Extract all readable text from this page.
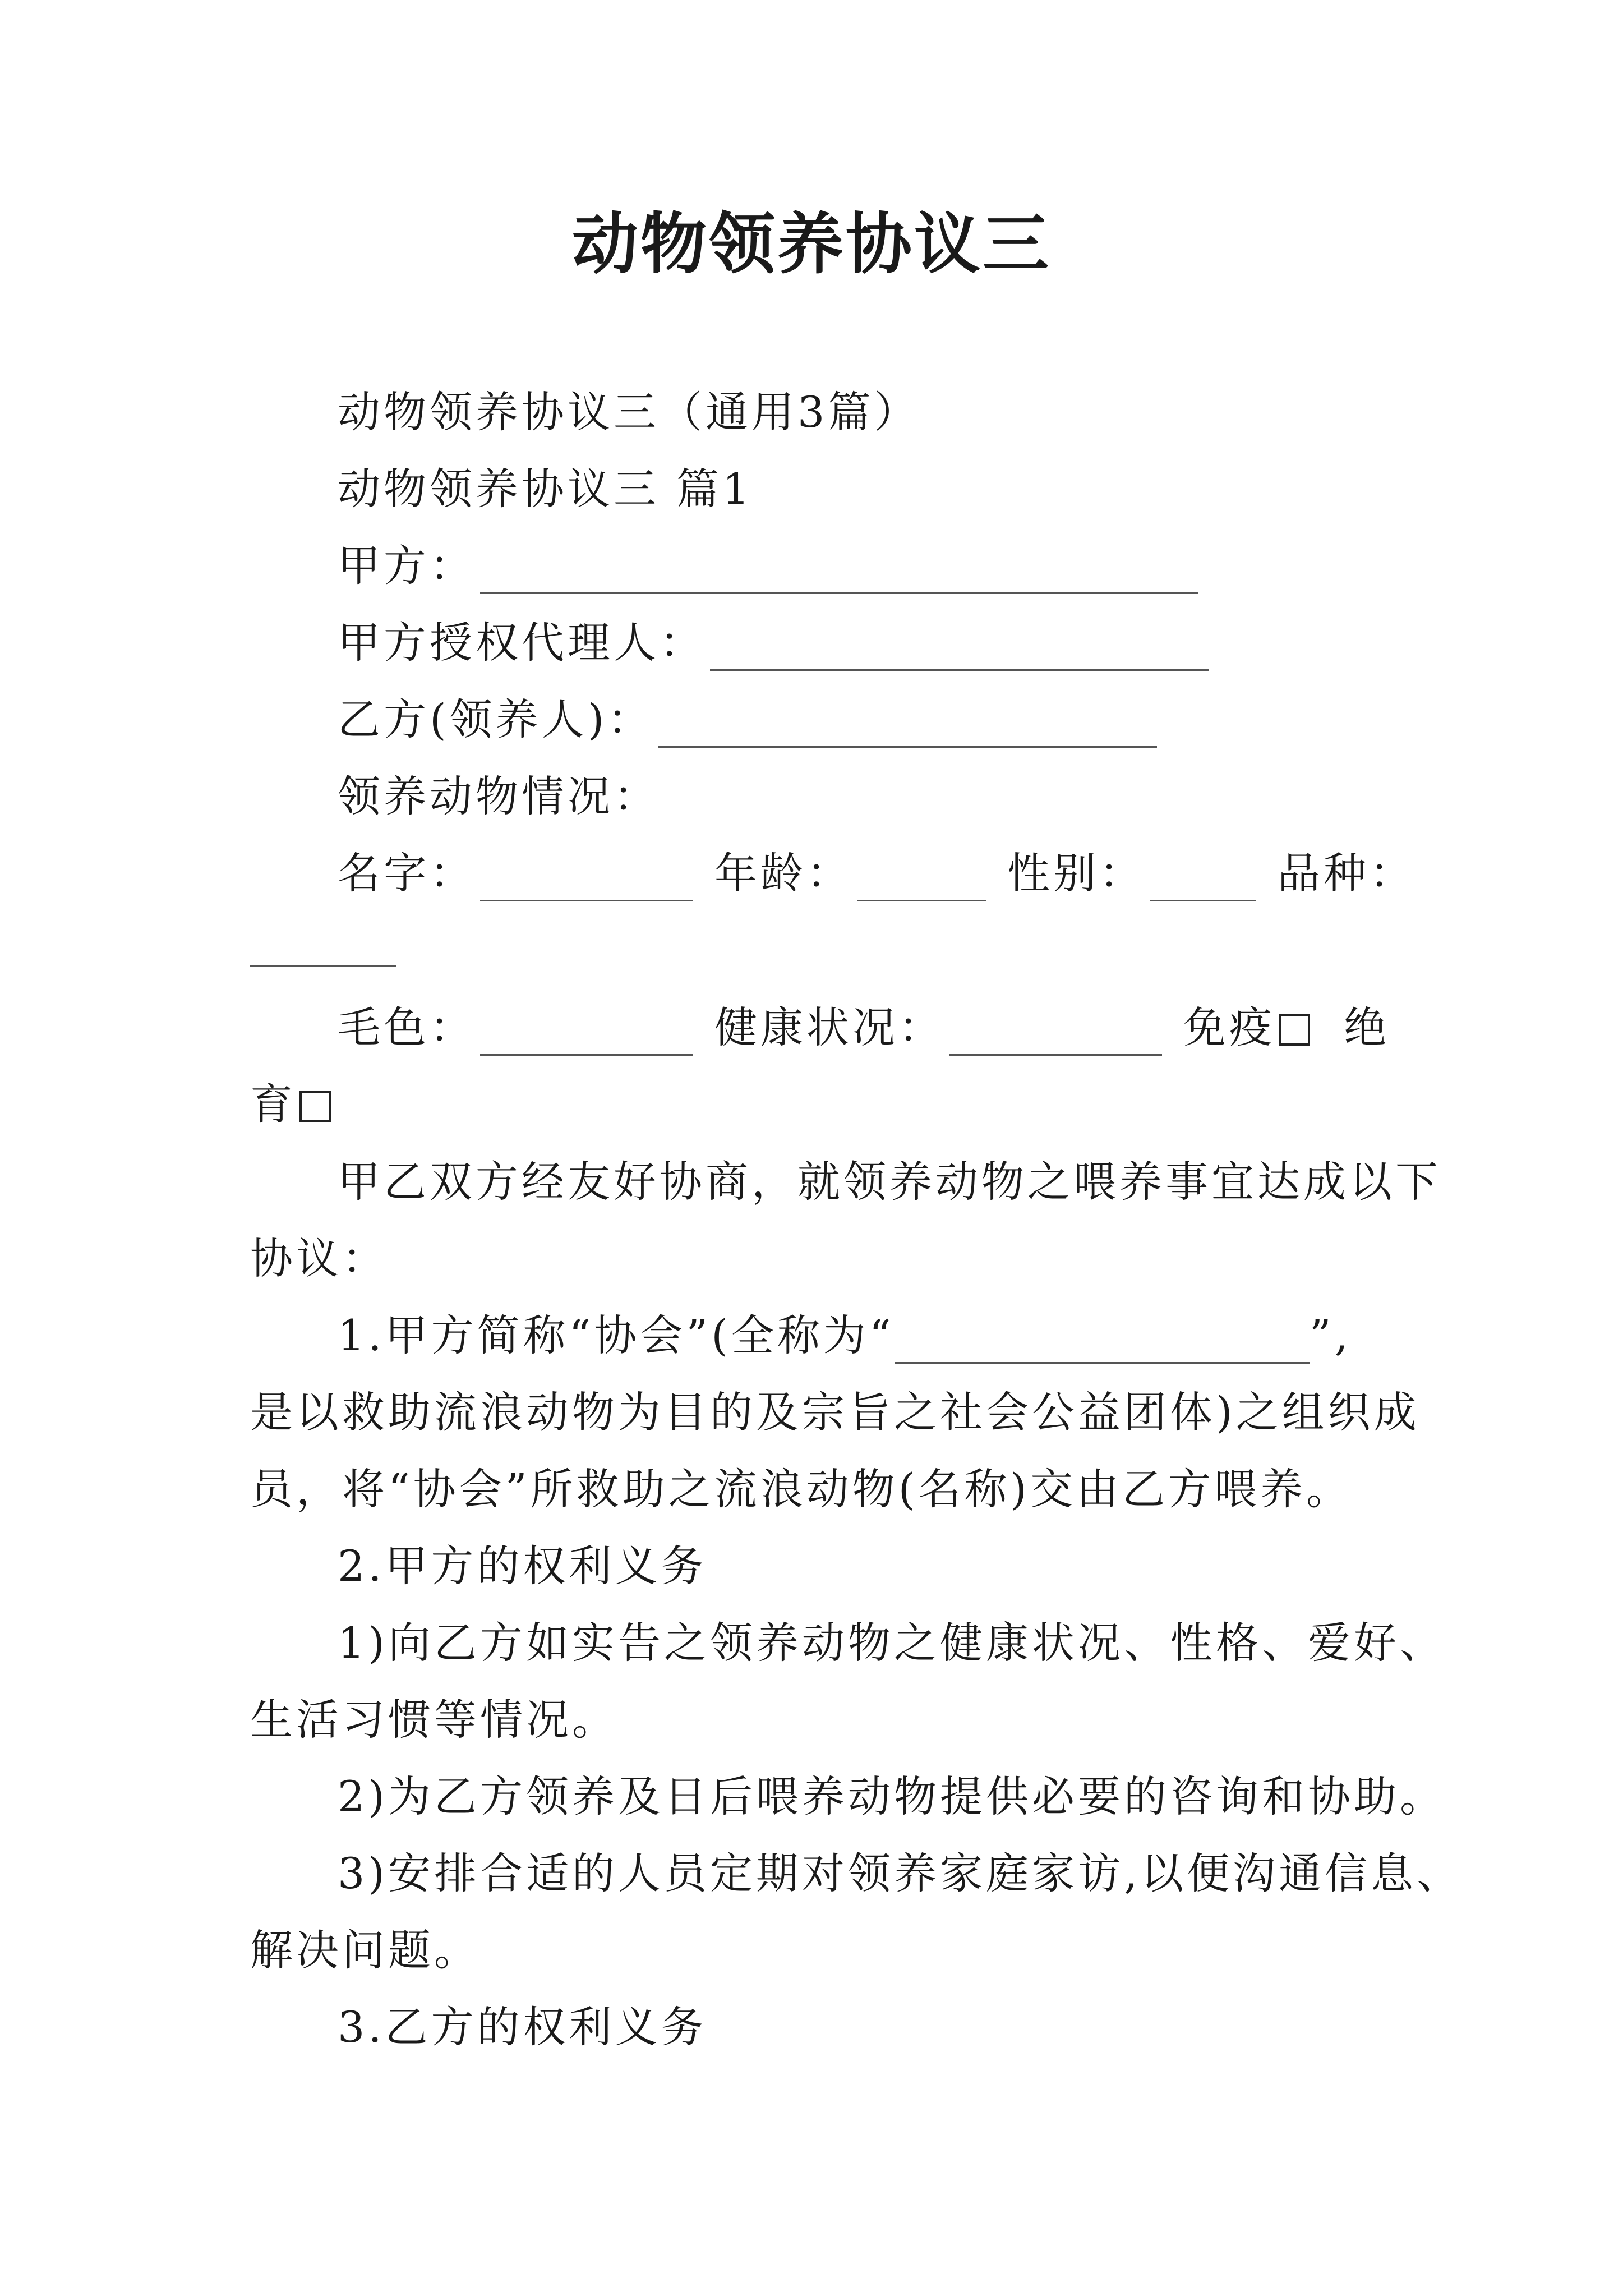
动物领养协议三
动物领养协议三（通用3篇）
动物领养协议三 篇1
甲方：
甲方授权代理人：
乙方(领养人)：
领养动物情况：
名字：	年龄：	性别：	品种：
毛色：	健康状况：	免疫 绝
育
甲乙双方经友好协商，就领养动物之喂养事宜达成以下
协议：
1.甲方简称“协会”(全称为“	”,
是以救助流浪动物为目的及宗旨之社会公益团体)之组织成
员，将“协会”所救助之流浪动物(名称)交由乙方喂养。
2.甲方的权利义务
1)向乙方如实告之领养动物之健康状况、性格、爱好、
生活习惯等情况。
2)为乙方领养及日后喂养动物提供必要的咨询和协助。
3)安排合适的人员定期对领养家庭家访,以便沟通信息、
解决问题。
3.乙方的权利义务
